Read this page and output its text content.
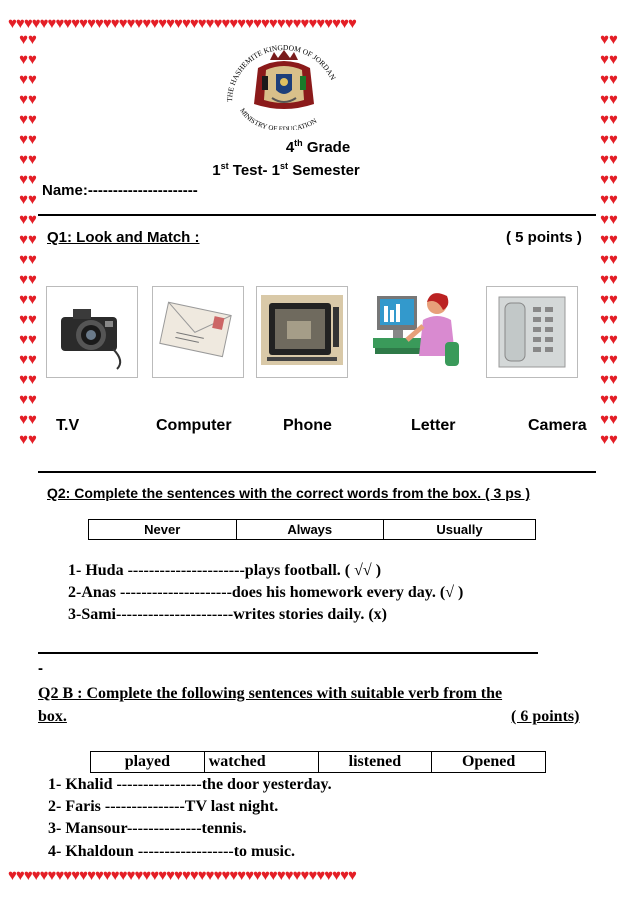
♥♥♥♥♥♥♥♥♥♥♥♥♥♥♥♥♥♥♥♥♥♥♥♥♥♥♥♥♥♥♥♥♥♥♥♥♥♥♥♥♥♥♥♥
♥♥♥♥♥♥♥♥♥♥♥♥♥♥♥♥♥♥♥♥♥♥♥♥♥♥♥♥♥♥♥♥♥♥♥♥♥♥♥♥♥♥♥♥
♥♥♥♥♥♥♥♥♥♥♥♥♥♥♥♥♥♥♥♥♥♥♥♥♥♥♥♥♥♥♥♥♥♥♥♥♥♥♥♥♥♥
♥♥♥♥♥♥♥♥♥♥♥♥♥♥♥♥♥♥♥♥♥♥♥♥♥♥♥♥♥♥♥♥♥♥♥♥♥♥♥♥♥♥
THE HASHEMITE KINGDOM OF JORDAN
MINISTRY OF EDUCATION
4th Grade
1st Test- 1st Semester
Name:----------------------
Q1: Look and Match :	( 5 points )
T.V	Computer	Phone	Letter	Camera
Q2: Complete the sentences with the correct words from the box. ( 3 ps )
Never	Always	Usually
1- Huda ----------------------plays football. ( √√ )
2-Anas ---------------------does his homework every day. (√ )
3-Sami----------------------writes stories daily. (x)
-
Q2 B : Complete the following sentences with suitable verb from the
box.	( 6 points)
played	watched	listened	Opened
1- Khalid ----------------the door yesterday.
2- Faris ---------------TV last night.
3- Mansour--------------tennis.
4- Khaldoun ------------------to music.
